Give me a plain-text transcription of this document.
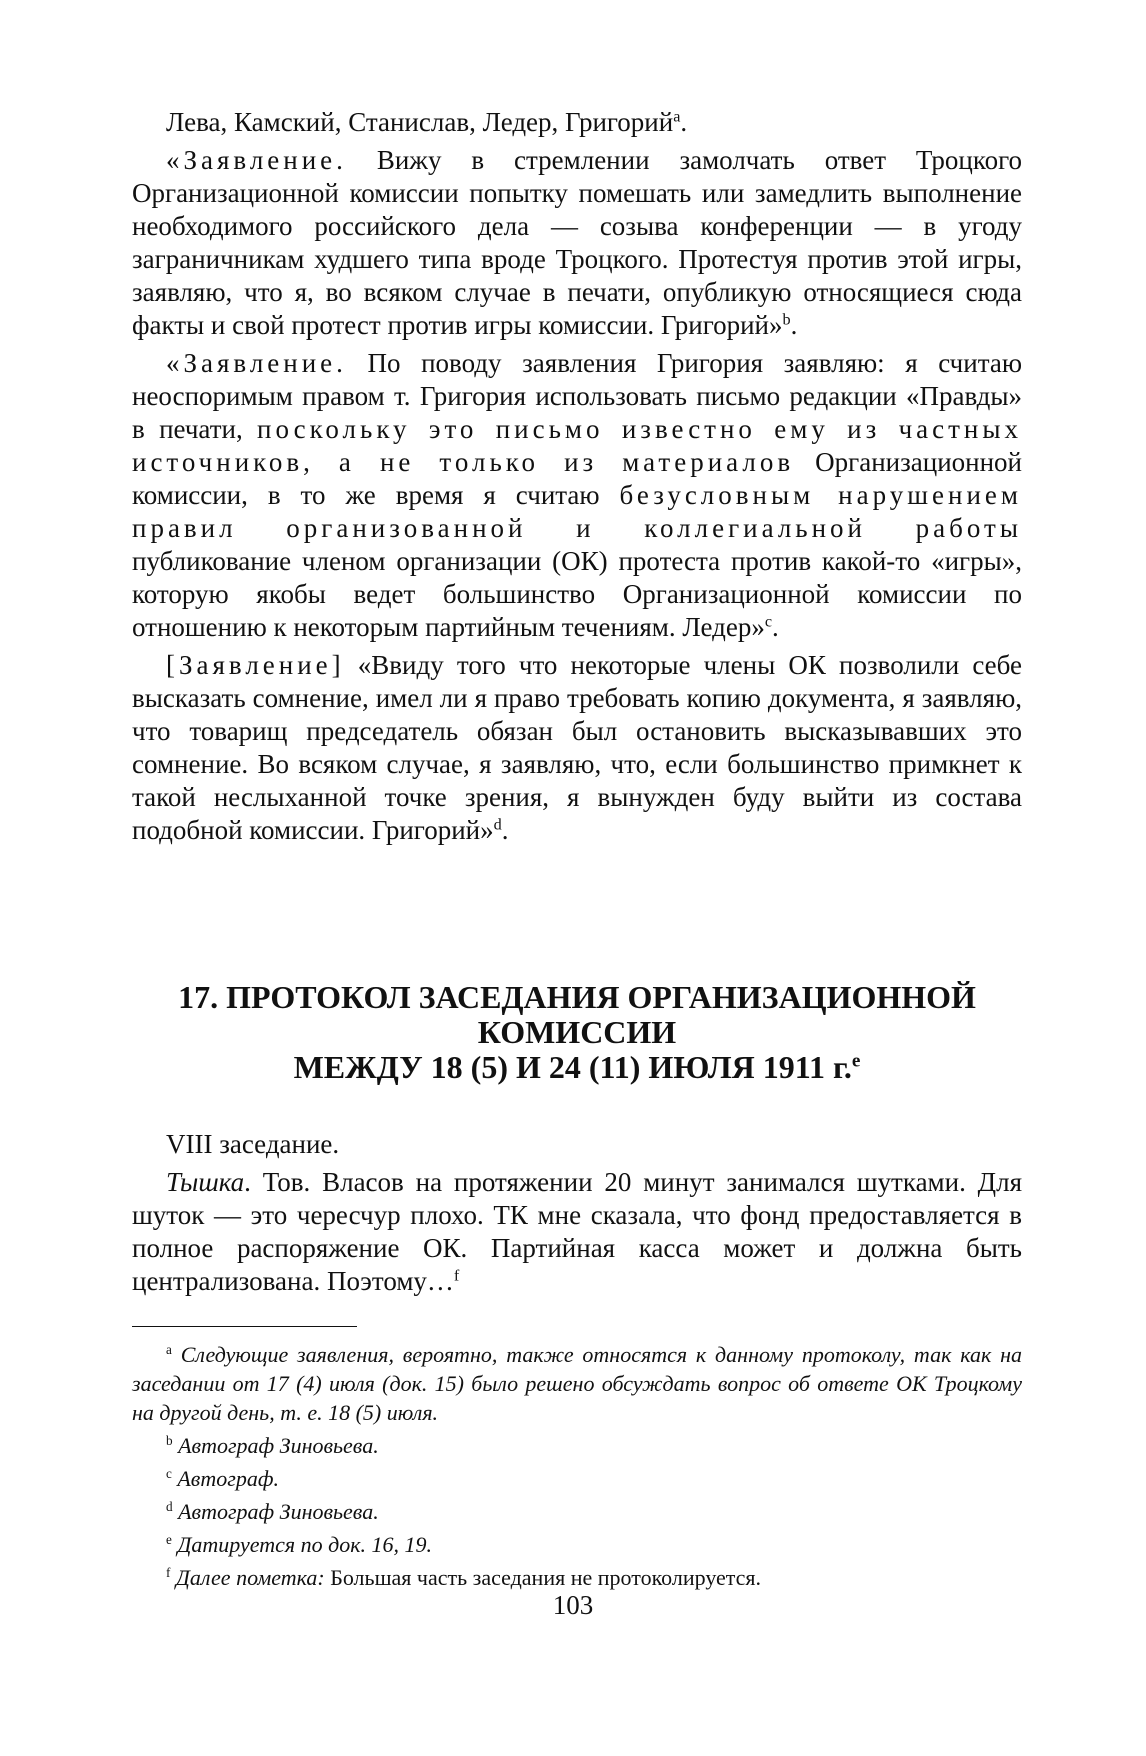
Лева, Камский, Станислав, Ледер, Григорий$^a$.

«Заявление. Вижу в стремлении замолчать ответ Троцкого Организационной комиссии попытку помешать или замедлить выполнение необходимого российского дела — созыва конференции — в угоду заграничникам худшего типа вроде Троцкого. Протестуя против этой игры, заявляю, что я, во всяком случае в печати, опубликую относящиеся сюда факты и свой протест против игры комиссии. Григорий»$^b$.

«Заявление. По поводу заявления Григория заявляю: я считаю неоспоримым правом т. Григория использовать письмо редакции «Правды» в печати, поскольку это письмо известно ему из частных источников, а не только из материалов Организационной комиссии, в то же время я считаю безусловным нарушением правил организованной и коллегиальной работы публикование членом организации (ОК) протеста против какой-то «игры», которую якобы ведет большинство Организационной комиссии по отношению к некоторым партийным течениям. Ледер»$^c$.

[Заявление] «Ввиду того что некоторые члены ОК позволили себе высказать сомнение, имел ли я право требовать копию документа, я заявляю, что товарищ председатель обязан был остановить высказывавших это сомнение. Во всяком случае, я заявляю, что, если большинство примкнет к такой неслыханной точке зрения, я вынужден буду выйти из состава подобной комиссии. Григорий»$^d$.

17. ПРОТОКОЛ ЗАСЕДАНИЯ ОРГАНИЗАЦИОННОЙ
КОМИССИИ
МЕЖДУ 18 (5) И 24 (11) ИЮЛЯ 1911 г.$^e$

VIII заседание.

Тышка. Тов. Власов на протяжении 20 минут занимался шутками. Для шуток — это чересчур плохо. ТК мне сказала, что фонд предоставляется в полное распоряжение ОК. Партийная касса может и должна быть централизована. Поэтому…$^f$

$^a$ Следующие заявления, вероятно, также относятся к данному протоколу, так как на заседании от 17 (4) июля (док. 15) было решено обсуждать вопрос об ответе ОК Троцкому на другой день, т. е. 18 (5) июля.

$^b$ Автограф Зиновьева.

$^c$ Автограф.

$^d$ Автограф Зиновьева.

$^e$ Датируется по док. 16, 19.

$^f$ Далее пометка: Большая часть заседания не протоколируется.

103
